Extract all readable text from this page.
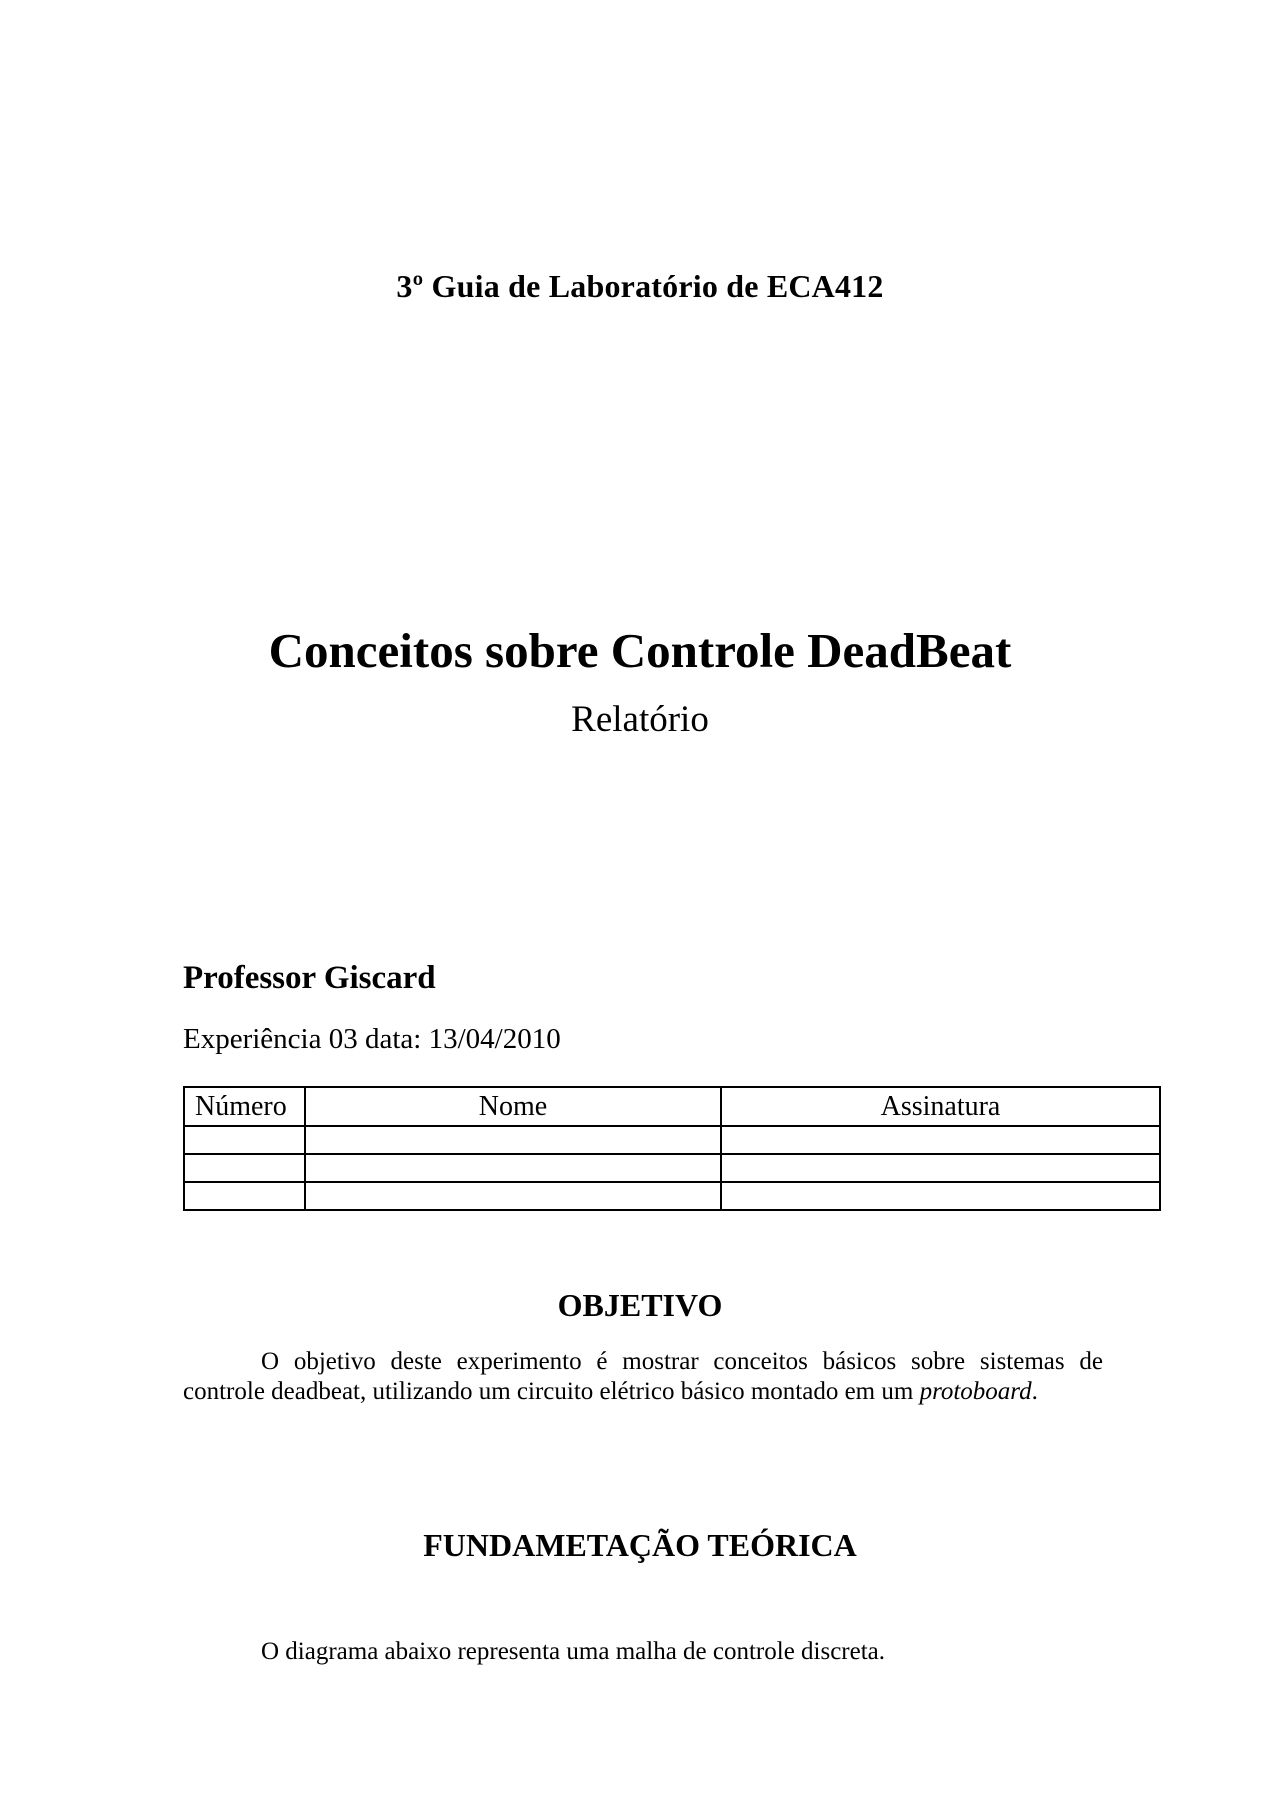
3º Guia de Laboratório de ECA412
Conceitos sobre Controle DeadBeat
Relatório
Professor Giscard
Experiência 03 data: 13/04/2010
Número	Nome	Assinatura

OBJETIVO
O objetivo deste experimento é mostrar conceitos básicos sobre sistemas de controle deadbeat, utilizando um circuito elétrico básico montado em um protoboard.
FUNDAMETAÇÃO TEÓRICA
O diagrama abaixo representa uma malha de controle discreta.
